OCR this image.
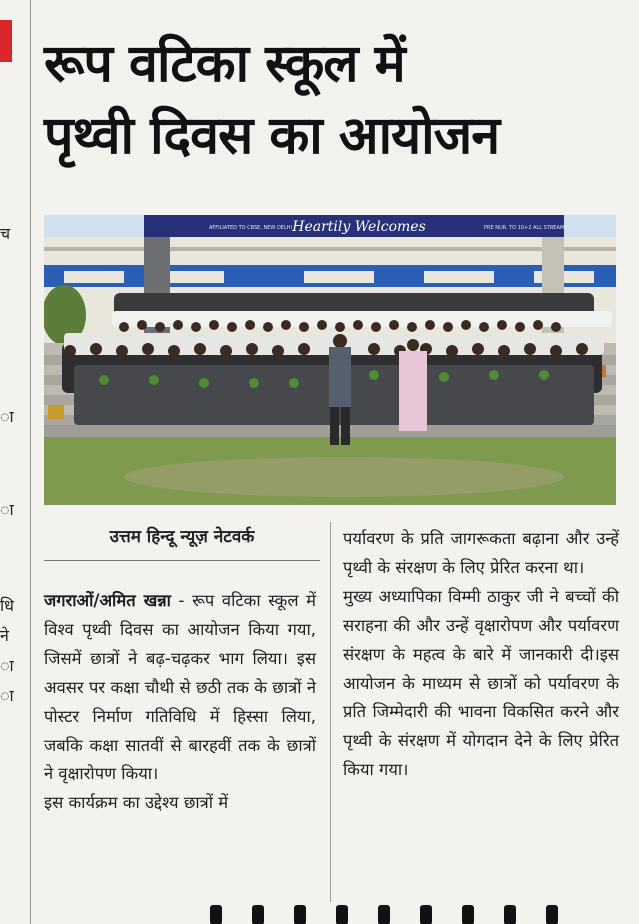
च
ा
ा
धि
ने
ा
ा
रूप वटिका स्कूल में
पृथ्वी दिवस का आयोजन
Heartily Welcomes
AFFILIATED TO CBSE, NEW DELHI	PRE NUR. TO 10+2 ALL STREAMS
उत्तम हिन्दू न्यूज़ नेटवर्क

जगराओं/अमित खन्ना - रूप वटिका स्कूल में विश्व पृथ्वी दिवस का आयोजन किया गया, जिसमें छात्रों ने बढ़-चढ़कर भाग लिया। इस अवसर पर कक्षा चौथी से छठी तक के छात्रों ने पोस्टर निर्माण गतिविधि में हिस्सा लिया, जबकि कक्षा सातवीं से बारहवीं तक के छात्रों ने वृक्षारोपण किया।

इस कार्यक्रम का उद्देश्य छात्रों में

पर्यावरण के प्रति जागरूकता बढ़ाना और उन्हें पृथ्वी के संरक्षण के लिए प्रेरित करना था।

मुख्य अध्यापिका विम्मी ठाकुर जी ने बच्चों की सराहना की और उन्हें वृक्षारोपण और पर्यावरण संरक्षण के महत्व के बारे में जानकारी दी।इस आयोजन के माध्यम से छात्रों को पर्यावरण के प्रति जिम्मेदारी की भावना विकसित करने और पृथ्वी के संरक्षण में योगदान देने के लिए प्रेरित किया गया।
